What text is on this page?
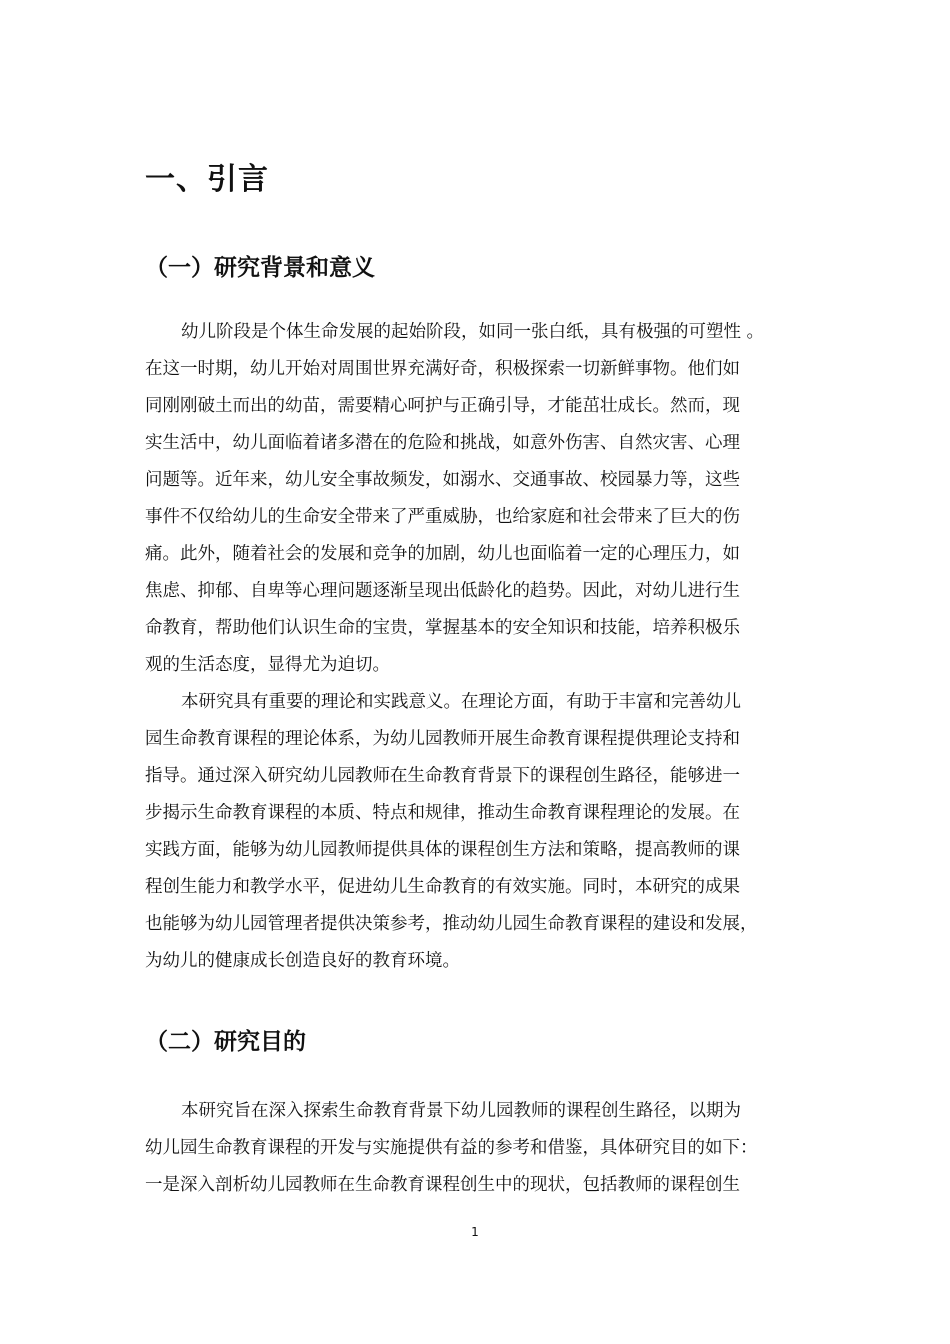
一、引言
（一）研究背景和意义
幼儿阶段是个体生命发展的起始阶段，如同一张白纸，具有极强的可塑性 。
在这一时期，幼儿开始对周围世界充满好奇，积极探索一切新鲜事物。他们如
同刚刚破土而出的幼苗，需要精心呵护与正确引导，才能茁壮成长。然而，现
实生活中，幼儿面临着诸多潜在的危险和挑战，如意外伤害、自然灾害、心理
问题等。近年来，幼儿安全事故频发，如溺水、交通事故、校园暴力等，这些
事件不仅给幼儿的生命安全带来了严重威胁，也给家庭和社会带来了巨大的伤
痛。此外，随着社会的发展和竞争的加剧，幼儿也面临着一定的心理压力，如
焦虑、抑郁、自卑等心理问题逐渐呈现出低龄化的趋势。因此，对幼儿进行生
命教育，帮助他们认识生命的宝贵，掌握基本的安全知识和技能，培养积极乐
观的生活态度，显得尤为迫切。
本研究具有重要的理论和实践意义。在理论方面，有助于丰富和完善幼儿
园生命教育课程的理论体系，为幼儿园教师开展生命教育课程提供理论支持和
指导。通过深入研究幼儿园教师在生命教育背景下的课程创生路径，能够进一
步揭示生命教育课程的本质、特点和规律，推动生命教育课程理论的发展。在
实践方面，能够为幼儿园教师提供具体的课程创生方法和策略，提高教师的课
程创生能力和教学水平，促进幼儿生命教育的有效实施。同时，本研究的成果
也能够为幼儿园管理者提供决策参考，推动幼儿园生命教育课程的建设和发展，
为幼儿的健康成长创造良好的教育环境。
（二）研究目的
本研究旨在深入探索生命教育背景下幼儿园教师的课程创生路径，以期为
幼儿园生命教育课程的开发与实施提供有益的参考和借鉴，具体研究目的如下：
一是深入剖析幼儿园教师在生命教育课程创生中的现状，包括教师的课程创生
1
